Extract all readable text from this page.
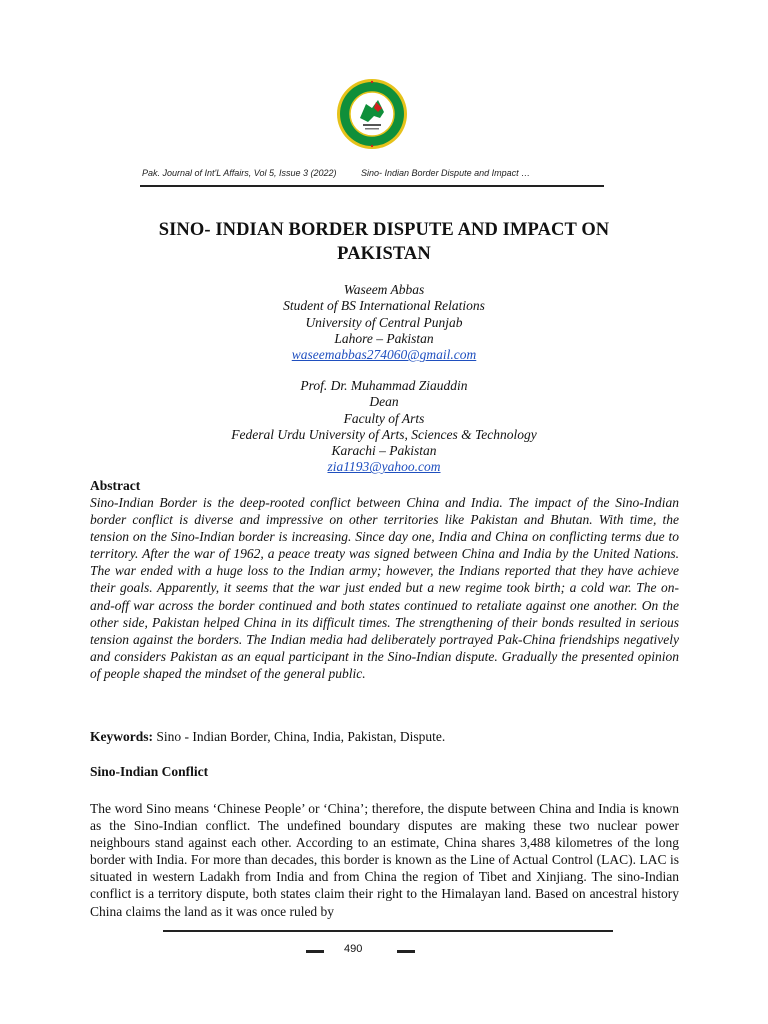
Pak. Journal of Int'L Affairs, Vol 5, Issue 3 (2022)	Sino- Indian Border Dispute and Impact …
SINO- INDIAN BORDER DISPUTE AND IMPACT ON
PAKISTAN
Waseem Abbas
Student of BS International Relations
University of Central Punjab
Lahore – Pakistan
waseemabbas274060@gmail.com
Prof. Dr. Muhammad Ziauddin
Dean
Faculty of Arts
Federal Urdu University of Arts, Sciences & Technology
Karachi – Pakistan
zia1193@yahoo.com
Abstract
Sino-Indian Border is the deep-rooted conflict between China and India. The impact of the Sino-Indian border conflict is diverse and impressive on other territories like Pakistan and Bhutan. With time, the tension on the Sino-Indian border is increasing. Since day one, India and China on conflicting terms due to territory. After the war of 1962, a peace treaty was signed between China and India by the United Nations. The war ended with a huge loss to the Indian army; however, the Indians reported that they have achieve their goals. Apparently, it seems that the war just ended but a new regime took birth; a cold war. The on-and-off war across the border continued and both states continued to retaliate against one another. On the other side, Pakistan helped China in its difficult times. The strengthening of their bonds resulted in serious tension against the borders. The Indian media had deliberately portrayed Pak-China friendships negatively and considers Pakistan as an equal participant in the Sino-Indian dispute. Gradually the presented opinion of people shaped the mindset of the general public.
Keywords: Sino - Indian Border, China, India, Pakistan, Dispute.
Sino-Indian Conflict
The word Sino means ‘Chinese People’ or ‘China’; therefore, the dispute between China and India is known as the Sino-Indian conflict. The undefined boundary disputes are making these two nuclear power neighbours stand against each other. According to an estimate, China shares 3,488 kilometres of the long border with India. For more than decades, this border is known as the Line of Actual Control (LAC). LAC is situated in western Ladakh from India and from China the region of Tibet and Xinjiang. The sino-Indian conflict is a territory dispute, both states claim their right to the Himalayan land. Based on ancestral history China claims the land as it was once ruled by
490
